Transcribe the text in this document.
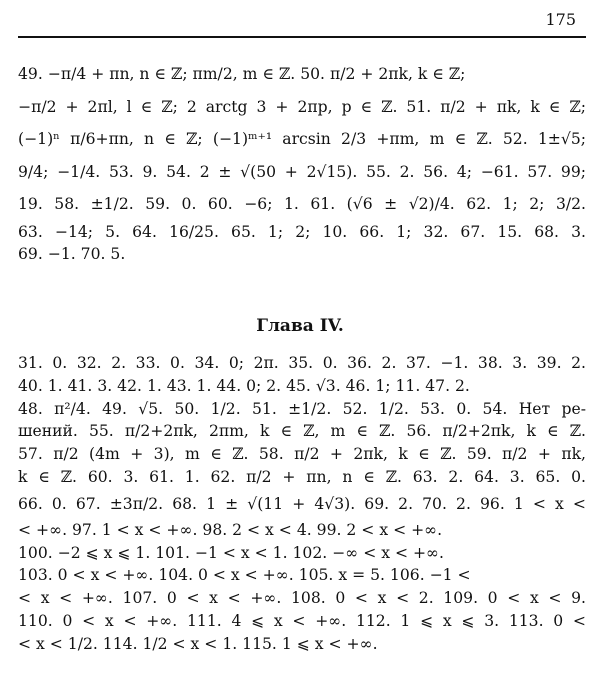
175
49. −π/4 + πn, n ∈ ℤ; πm/2, m ∈ ℤ. 50. π/2 + 2πk, k ∈ ℤ;
−π/2 + 2πl, l ∈ ℤ; 2 arctg 3 + 2πp, p ∈ ℤ. 51. π/2 + πk, k ∈ ℤ;
(−1)ⁿ π/6+πn, n ∈ ℤ; (−1)ᵐ⁺¹ arcsin 2/3 +πm, m ∈ ℤ. 52. 1±√5;
9/4; −1/4. 53. 9. 54. 2 ± √(50 + 2√15). 55. 2. 56. 4; −61. 57. 99;
19. 58. ±1/2. 59. 0. 60. −6; 1. 61. (√6 ± √2)/4. 62. 1; 2; 3/2.
63. −14; 5. 64. 16/25. 65. 1; 2; 10. 66. 1; 32. 67. 15. 68. 3.
69. −1. 70. 5.
Глава IV.
31. 0. 32. 2. 33. 0. 34. 0; 2π. 35. 0. 36. 2. 37. −1. 38. 3. 39. 2.
40. 1. 41. 3. 42. 1. 43. 1. 44. 0; 2. 45. √3. 46. 1; 11. 47. 2.
48. π²/4. 49. √5. 50. 1/2. 51. ±1/2. 52. 1/2. 53. 0. 54. Нет ре-
шений. 55. π/2+2πk, 2πm, k ∈ ℤ, m ∈ ℤ. 56. π/2+2πk, k ∈ ℤ.
57. π/2 (4m + 3), m ∈ ℤ. 58. π/2 + 2πk, k ∈ ℤ. 59. π/2 + πk,
k ∈ ℤ. 60. 3. 61. 1. 62. π/2 + πn, n ∈ ℤ. 63. 2. 64. 3. 65. 0.
66. 0. 67. ±3π/2. 68. 1 ± √(11 + 4√3). 69. 2. 70. 2. 96. 1 < x <
< +∞. 97. 1 < x < +∞. 98. 2 < x < 4. 99. 2 < x < +∞.
100. −2 ⩽ x ⩽ 1. 101. −1 < x < 1. 102. −∞ < x < +∞.
103. 0 < x < +∞. 104. 0 < x < +∞. 105. x = 5. 106. −1 <
< x < +∞. 107. 0 < x < +∞. 108. 0 < x < 2. 109. 0 < x < 9.
110. 0 < x < +∞. 111. 4 ⩽ x < +∞. 112. 1 ⩽ x ⩽ 3. 113. 0 <
< x < 1/2. 114. 1/2 < x < 1. 115. 1 ⩽ x < +∞.
